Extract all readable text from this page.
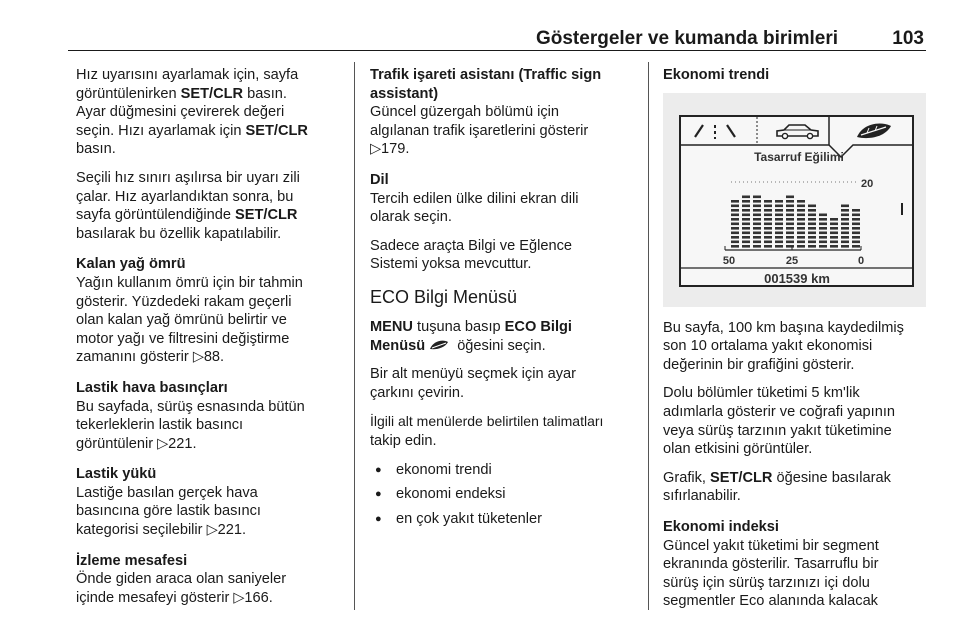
Göstergeler ve kumanda birimleri	103

Hız uyarısını ayarlamak için, sayfa
görüntülenirken SET/CLR basın.
Ayar düğmesini çevirerek değeri
seçin. Hızı ayarlamak için SET/CLR
basın.

Seçili hız sınırı aşılırsa bir uyarı zili
çalar. Hız ayarlandıktan sonra, bu
sayfa görüntülendiğinde SET/CLR
basılarak bu özellik kapatılabilir.

Kalan yağ ömrü

Yağın kullanım ömrü için bir tahmin
gösterir. Yüzdedeki rakam geçerli
olan kalan yağ ömrünü belirtir ve
motor yağı ve filtresini değiştirme
zamanını gösterir ▷88.

Lastik hava basınçları

Bu sayfada, sürüş esnasında bütün
tekerleklerin lastik basıncı
görüntülenir ▷221.

Lastik yükü

Lastiğe basılan gerçek hava
basıncına göre lastik basıncı
kategorisi seçilebilir ▷221.

İzleme mesafesi

Önde giden araca olan saniyeler
içinde mesafeyi gösterir ▷166.

Trafik işareti asistanı (Traffic sign
assistant)

Güncel güzergah bölümü için
algılanan trafik işaretlerini gösterir
▷179.

Dil

Tercih edilen ülke dilini ekran dili
olarak seçin.

Sadece araçta Bilgi ve Eğlence
Sistemi yoksa mevcuttur.

ECO Bilgi Menüsü

MENU tuşuna basıp ECO Bilgi
Menüsü öğesini seçin.

Bir alt menüyü seçmek için ayar
çarkını çevirin.

İlgili alt menülerde belirtilen talimatları
takip edin.

● ekonomi trendi

● ekonomi endeksi

● en çok yakıt tüketenler

Ekonomi trendi

Tasarruf Eğilimi
20
50	25	0
001539 km

Bu sayfa, 100 km başına kaydedilmiş
son 10 ortalama yakıt ekonomisi
değerinin bir grafiğini gösterir.

Dolu bölümler tüketimi 5 km'lik
adımlarla gösterir ve coğrafi yapının
veya sürüş tarzının yakıt tüketimine
olan etkisini görüntüler.

Grafik, SET/CLR öğesine basılarak
sıfırlanabilir.

Ekonomi indeksi

Güncel yakıt tüketimi bir segment
ekranında gösterilir. Tasarruflu bir
sürüş için sürüş tarzınızı içi dolu
segmentler Eco alanında kalacak
